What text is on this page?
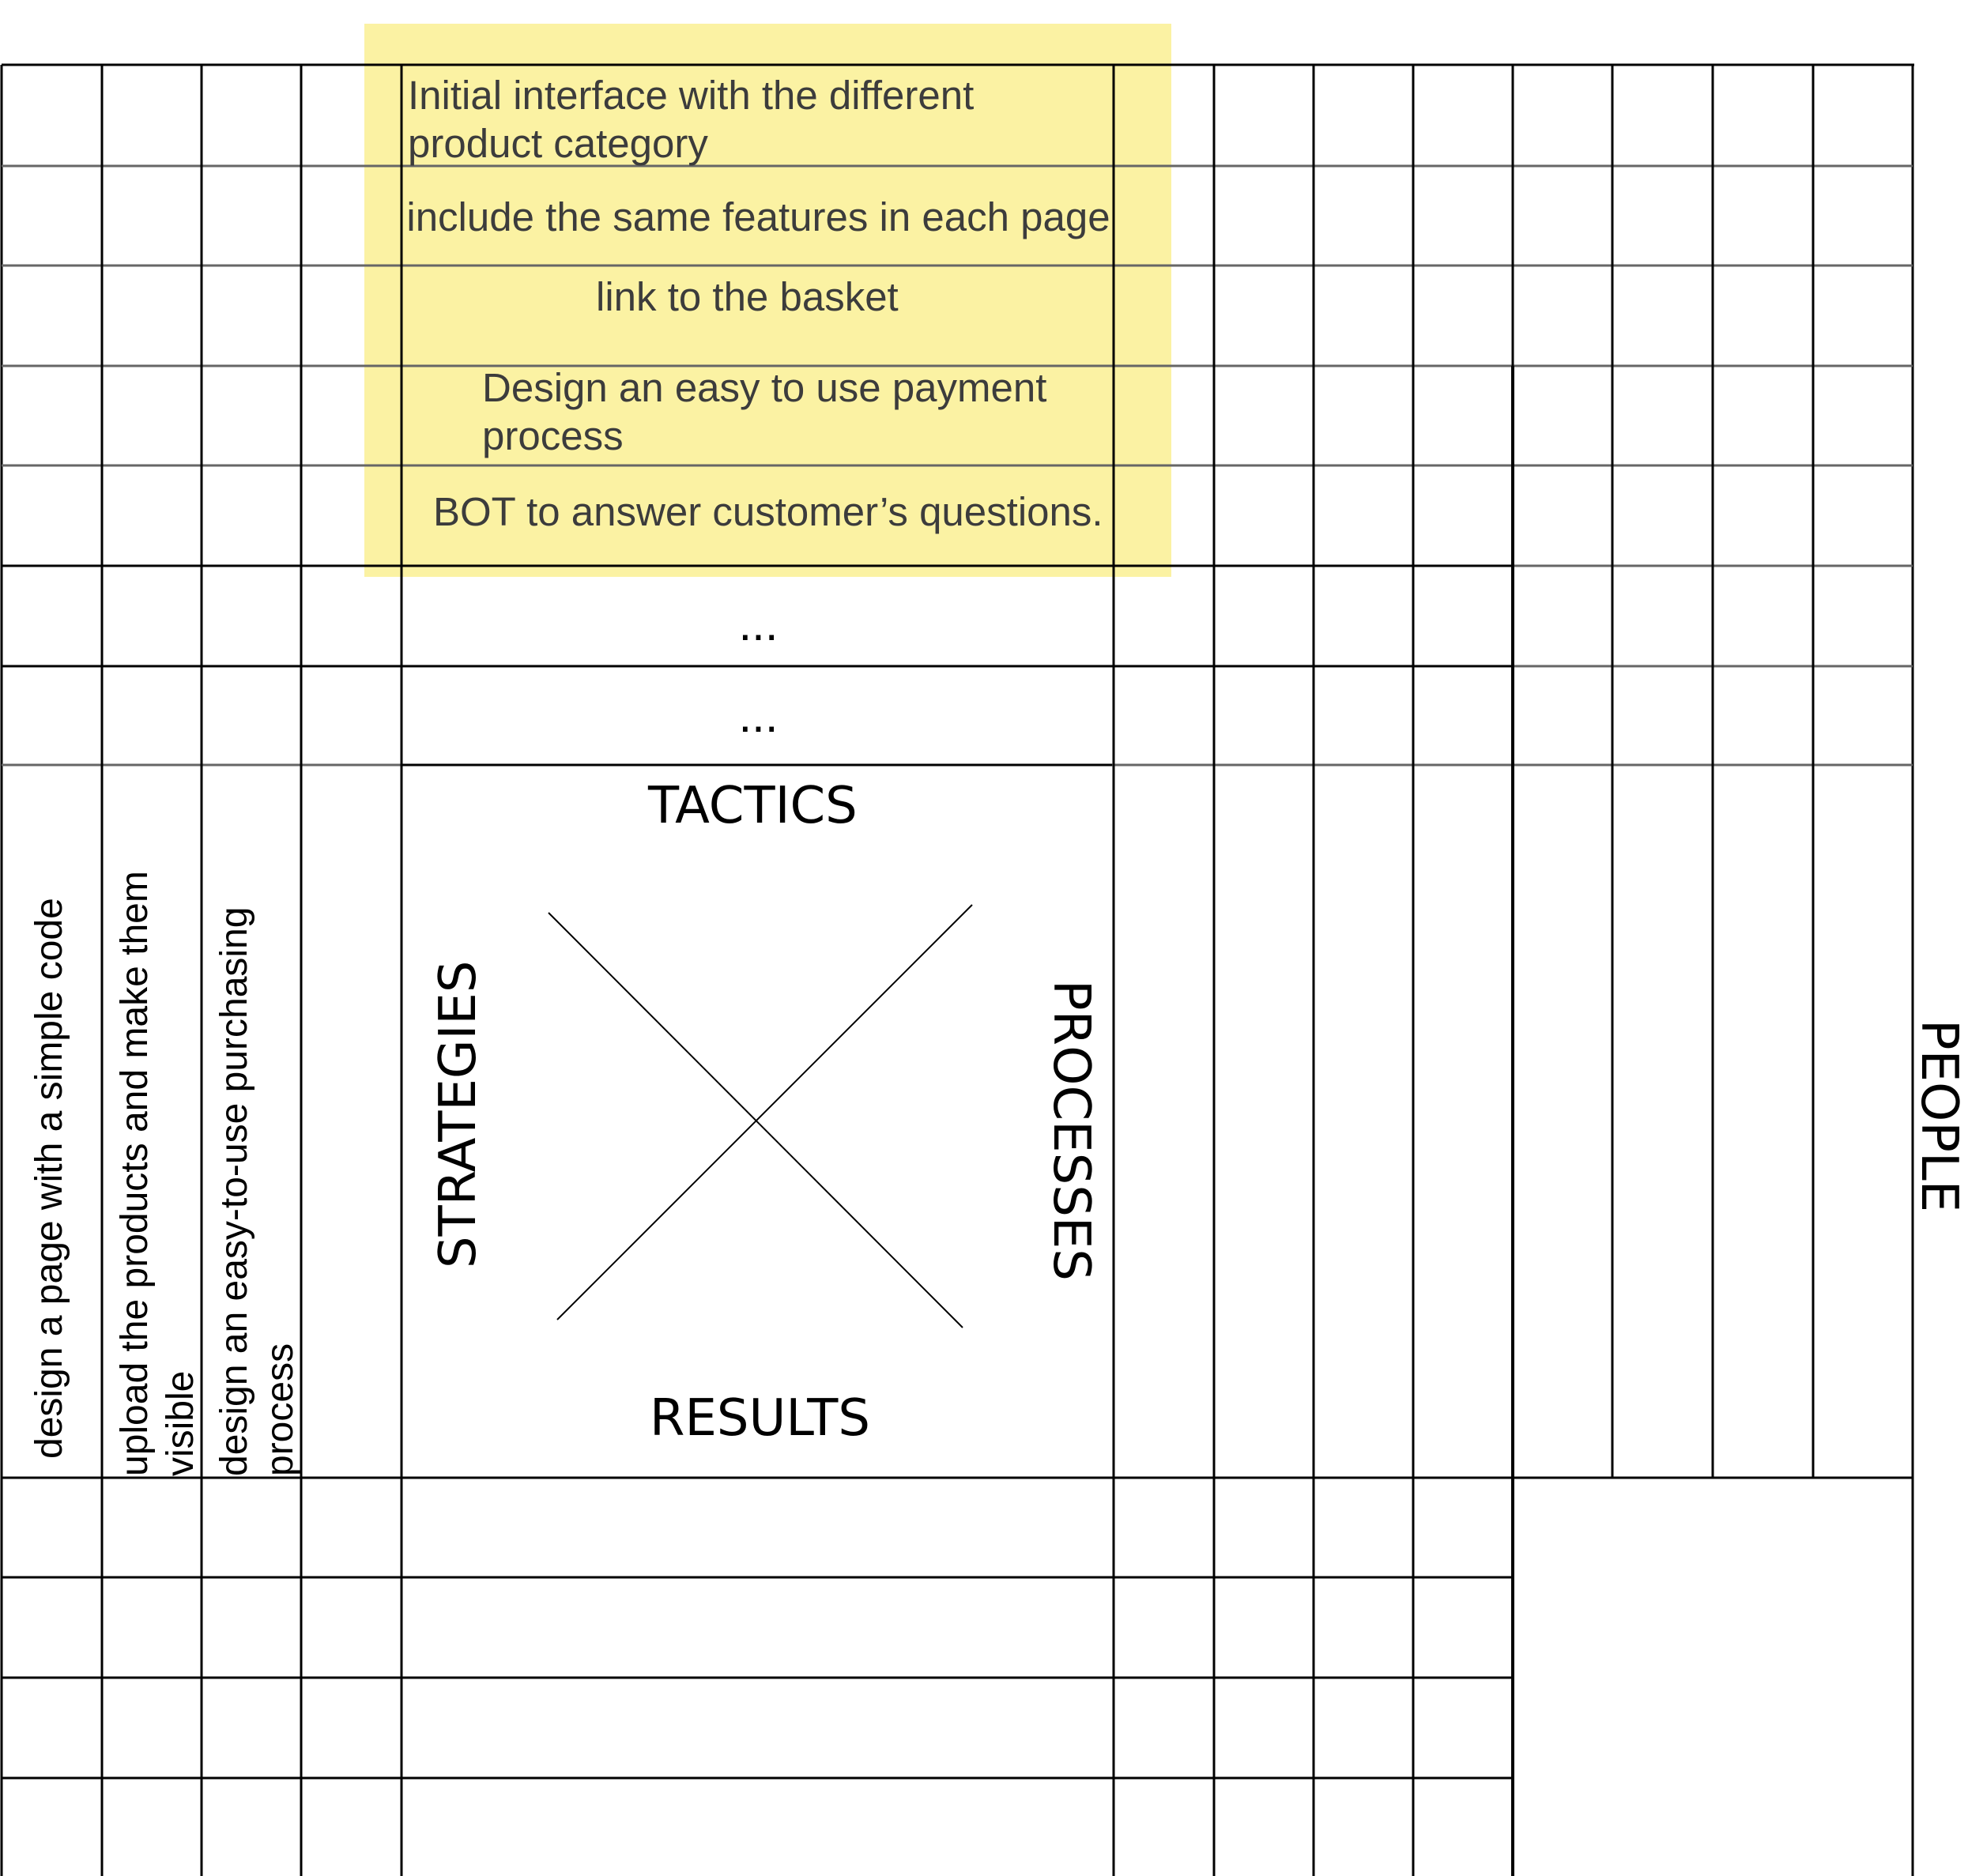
Initial interface with the different product category
include the same features in each page
link to the basket
Design an easy to use payment process
BOT to answer customer’s questions.
...
...
design a page with a simple code upload the products and make them visible design an easy-to-use purchasing process
TACTICS
RESULTS
STRATEGIES	PROCESSES	PEOPLE
